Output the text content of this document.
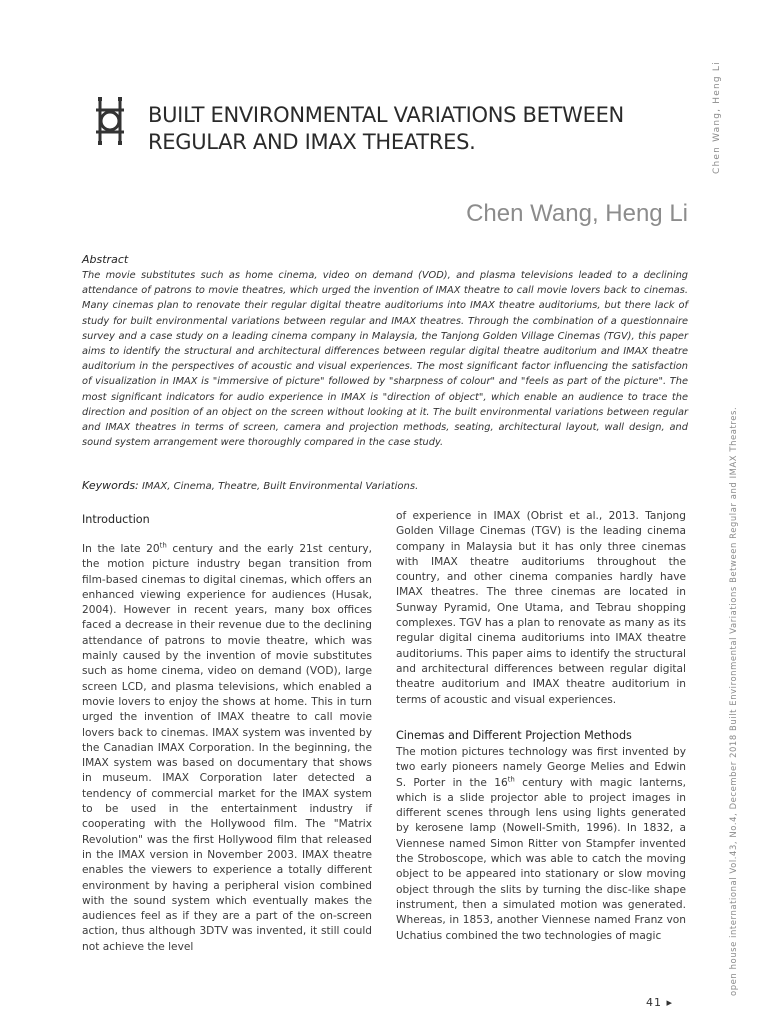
BUILT ENVIRONMENTAL VARIATIONS BETWEEN
REGULAR AND IMAX THEATRES.
Chen Wang, Heng Li
Abstract
The movie substitutes such as home cinema, video on demand (VOD), and plasma televisions leaded to a declining attendance of patrons to movie theatres, which urged the invention of IMAX theatre to call movie lovers back to cinemas. Many cinemas plan to renovate their regular digital theatre auditoriums into IMAX theatre auditoriums, but there lack of study for built environmental variations between regular and IMAX theatres. Through the combination of a questionnaire survey and a case study on a leading cinema company in Malaysia, the Tanjong Golden Village Cinemas (TGV), this paper aims to identify the structural and architectural differences between regular digital theatre auditorium and IMAX theatre auditorium in the perspectives of acoustic and visual experiences. The most significant factor influencing the satisfaction of visualization in IMAX is "immersive of picture" followed by "sharpness of colour" and "feels as part of the picture". The most significant indicators for audio experience in IMAX is "direction of object", which enable an audience to trace the direction and position of an object on the screen without looking at it. The built environmental variations between regular and IMAX theatres in terms of screen, camera and projection methods, seating, architectural layout, wall design, and sound system arrangement were thoroughly compared in the case study.
Keywords: IMAX, Cinema, Theatre, Built Environmental Variations.
Introduction
In the late 20th century and the early 21st century, the motion picture industry began transition from film-based cinemas to digital cinemas, which offers an enhanced viewing experience for audiences (Husak, 2004). However in recent years, many box offices faced a decrease in their revenue due to the declining attendance of patrons to movie theatre, which was mainly caused by the invention of movie substitutes such as home cinema, video on demand (VOD), large screen LCD, and plasma televisions, which enabled a movie lovers to enjoy the shows at home. This in turn urged the invention of IMAX theatre to call movie lovers back to cinemas. IMAX system was invented by the Canadian IMAX Corporation. In the beginning, the IMAX system was based on documentary that shows in museum. IMAX Corporation later detected a tendency of commercial market for the IMAX system to be used in the entertainment industry if cooperating with the Hollywood film. The "Matrix Revolution" was the first Hollywood film that released in the IMAX version in November 2003. IMAX theatre enables the viewers to experience a totally different environment by having a peripheral vision combined with the sound system which eventually makes the audiences feel as if they are a part of the on-screen action, thus although 3DTV was invented, it still could not achieve the level
of experience in IMAX (Obrist et al., 2013. Tanjong Golden Village Cinemas (TGV) is the leading cinema company in Malaysia but it has only three cinemas with IMAX theatre auditoriums throughout the country, and other cinema companies hardly have IMAX theatres. The three cinemas are located in Sunway Pyramid, One Utama, and Tebrau shopping complexes. TGV has a plan to renovate as many as its regular digital cinema auditoriums into IMAX theatre auditoriums. This paper aims to identify the structural and architectural differences between regular digital theatre auditorium and IMAX theatre auditorium in terms of acoustic and visual experiences.
Cinemas and Different Projection Methods
The motion pictures technology was first invented by two early pioneers namely George Melies and Edwin S. Porter in the 16th century with magic lanterns, which is a slide projector able to project images in different scenes through lens using lights generated by kerosene lamp (Nowell-Smith, 1996). In 1832, a Viennese named Simon Ritter von Stampfer invented the Stroboscope, which was able to catch the moving object to be appeared into stationary or slow moving object through the slits by turning the disc-like shape instrument, then a simulated motion was generated. Whereas, in 1853, another Viennese named Franz von Uchatius combined the two technologies of magic
41 ▸
Chen Wang, Heng Li
open house international Vol.43, No.4, December 2018 Built Environmental Variations Between Regular and IMAX Theatres.
